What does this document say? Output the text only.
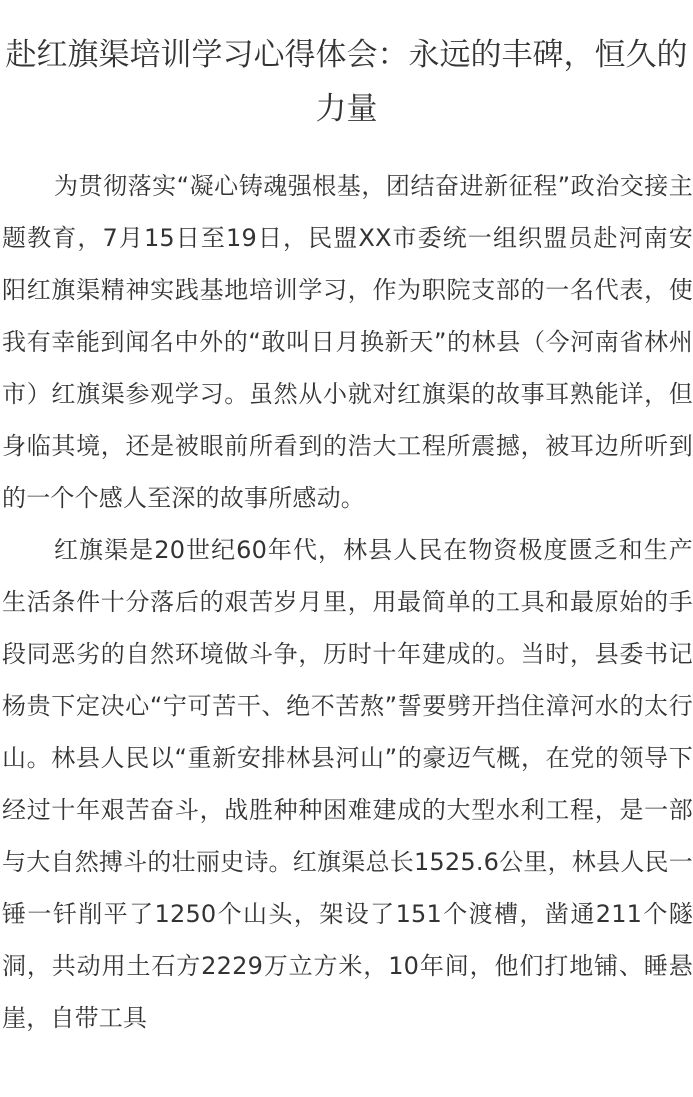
赴红旗渠培训学习心得体会：永远的丰碑，恒久的力量

为贯彻落实“凝心铸魂强根基，团结奋进新征程”政治交接主题教育，7月15日至19日，民盟XX市委统一组织盟员赴河南安阳红旗渠精神实践基地培训学习，作为职院支部的一名代表，使我有幸能到闻名中外的“敢叫日月换新天”的林县（今河南省林州市）红旗渠参观学习。虽然从小就对红旗渠的故事耳熟能详，但身临其境，还是被眼前所看到的浩大工程所震撼，被耳边所听到的一个个感人至深的故事所感动。

红旗渠是20世纪60年代，林县人民在物资极度匮乏和生产生活条件十分落后的艰苦岁月里，用最简单的工具和最原始的手段同恶劣的自然环境做斗争，历时十年建成的。当时，县委书记杨贵下定决心“宁可苦干、绝不苦熬”誓要劈开挡住漳河水的太行山。林县人民以“重新安排林县河山”的豪迈气概，在党的领导下经过十年艰苦奋斗，战胜种种困难建成的大型水利工程，是一部与大自然搏斗的壮丽史诗。红旗渠总长1525.6公里，林县人民一锤一钎削平了1250个山头，架设了151个渡槽，凿通211个隧洞，共动用土石方2229万立方米，10年间，他们打地铺、睡悬崖，自带工具
